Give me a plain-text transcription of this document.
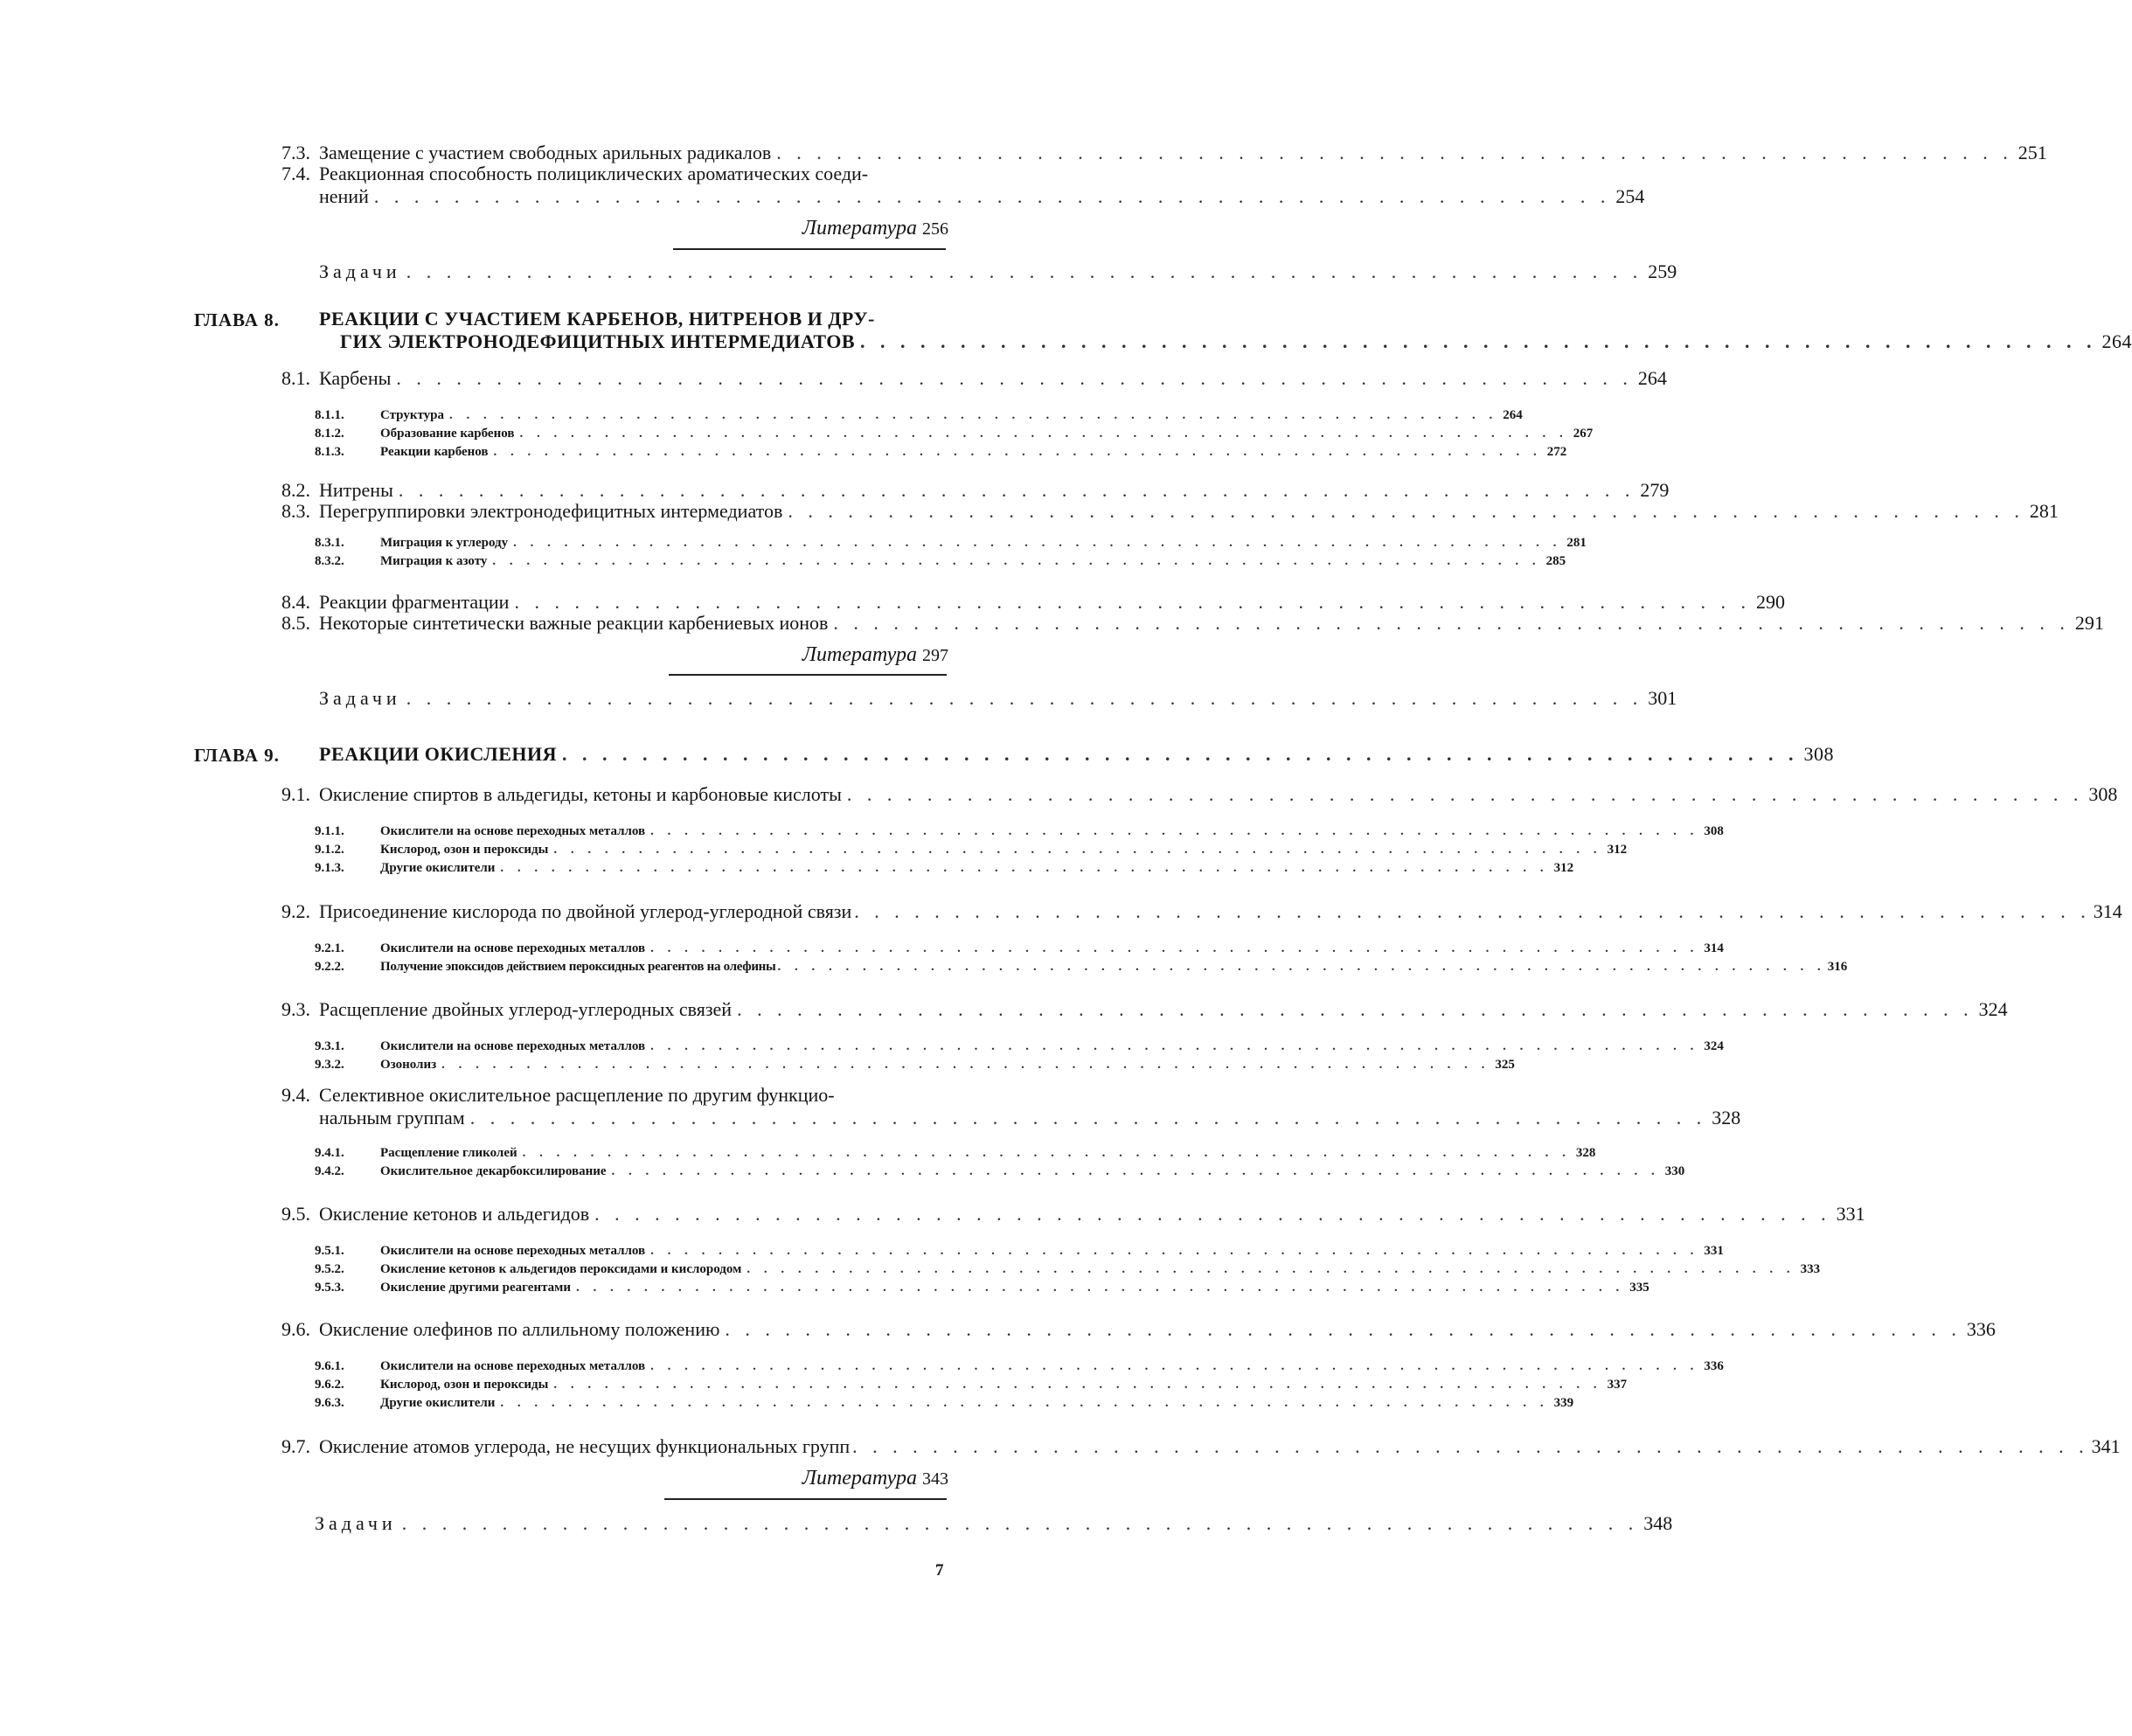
7.3. Замещение с участием свободных арильных радикалов . . . . . . . . . . . . . . . . . . . . . . . . . . . . . . . . . . . . . . . . . . . . . . . . . . . . . . . . . . . . . . 251
7.4. Реакционная способность полициклических ароматических соеди-
нений . . . . . . . . . . . . . . . . . . . . . . . . . . . . . . . . . . . . . . . . . . . . . . . . . . . . . . . . . . . . . . 254
Литература 256
Задачи . . . . . . . . . . . . . . . . . . . . . . . . . . . . . . . . . . . . . . . . . . . . . . . . . . . . . . . . . . . . . . 259
ГЛАВА 8. РЕАКЦИИ С УЧАСТИЕМ КАРБЕНОВ, НИТРЕНОВ И ДРУ-
ГИХ ЭЛЕКТРОНОДЕФИЦИТНЫХ ИНТЕРМЕДИАТОВ . . . . . . . . . . . . . . . . . . . . . . . . . . . . . . . . . . . . . . . . . . . . . . . . . . . . . . . . . . . . . . 264
8.1. Карбены . . . . . . . . . . . . . . . . . . . . . . . . . . . . . . . . . . . . . . . . . . . . . . . . . . . . . . . . . . . . . . 264
8.1.1.	Структура . . . . . . . . . . . . . . . . . . . . . . . . . . . . . . . . . . . . . . . . . . . . . . . . . . . . . . . . . . . . . . 264
8.1.2.	Образование карбенов . . . . . . . . . . . . . . . . . . . . . . . . . . . . . . . . . . . . . . . . . . . . . . . . . . . . . . . . . . . . . . 267
8.1.3.	Реакции карбенов . . . . . . . . . . . . . . . . . . . . . . . . . . . . . . . . . . . . . . . . . . . . . . . . . . . . . . . . . . . . . . 272
8.2. Нитрены . . . . . . . . . . . . . . . . . . . . . . . . . . . . . . . . . . . . . . . . . . . . . . . . . . . . . . . . . . . . . . 279
8.3. Перегруппировки электронодефицитных интермедиатов . . . . . . . . . . . . . . . . . . . . . . . . . . . . . . . . . . . . . . . . . . . . . . . . . . . . . . . . . . . . . . 281
8.3.1.	Миграция к углероду . . . . . . . . . . . . . . . . . . . . . . . . . . . . . . . . . . . . . . . . . . . . . . . . . . . . . . . . . . . . . . 281
8.3.2.	Миграция к азоту . . . . . . . . . . . . . . . . . . . . . . . . . . . . . . . . . . . . . . . . . . . . . . . . . . . . . . . . . . . . . . 285
8.4. Реакции фрагментации . . . . . . . . . . . . . . . . . . . . . . . . . . . . . . . . . . . . . . . . . . . . . . . . . . . . . . . . . . . . . . 290
8.5. Некоторые синтетически важные реакции карбениевых ионов . . . . . . . . . . . . . . . . . . . . . . . . . . . . . . . . . . . . . . . . . . . . . . . . . . . . . . . . . . . . . . 291
Литература 297
Задачи . . . . . . . . . . . . . . . . . . . . . . . . . . . . . . . . . . . . . . . . . . . . . . . . . . . . . . . . . . . . . . 301
ГЛАВА 9. РЕАКЦИИ ОКИСЛЕНИЯ . . . . . . . . . . . . . . . . . . . . . . . . . . . . . . . . . . . . . . . . . . . . . . . . . . . . . . . . . . . . . . 308
9.1. Окисление спиртов в альдегиды, кетоны и карбоновые кислоты . . . . . . . . . . . . . . . . . . . . . . . . . . . . . . . . . . . . . . . . . . . . . . . . . . . . . . . . . . . . . . 308
9.1.1.	Окислители на основе переходных металлов . . . . . . . . . . . . . . . . . . . . . . . . . . . . . . . . . . . . . . . . . . . . . . . . . . . . . . . . . . . . . . 308
9.1.2.	Кислород, озон и пероксиды . . . . . . . . . . . . . . . . . . . . . . . . . . . . . . . . . . . . . . . . . . . . . . . . . . . . . . . . . . . . . . 312
9.1.3.	Другие окислители . . . . . . . . . . . . . . . . . . . . . . . . . . . . . . . . . . . . . . . . . . . . . . . . . . . . . . . . . . . . . . 312
9.2. Присоединение кислорода по двойной углерод-углеродной связи . . . . . . . . . . . . . . . . . . . . . . . . . . . . . . . . . . . . . . . . . . . . . . . . . . . . . . . . . . . . . . 314
9.2.1.	Окислители на основе переходных металлов . . . . . . . . . . . . . . . . . . . . . . . . . . . . . . . . . . . . . . . . . . . . . . . . . . . . . . . . . . . . . . 314
9.2.2.	Получение эпоксидов действием пероксидных реагентов на олефины . . . . . . . . . . . . . . . . . . . . . . . . . . . . . . . . . . . . . . . . . . . . . . . . . . . . . . . . . . . . . . 316
9.3. Расщепление двойных углерод-углеродных связей . . . . . . . . . . . . . . . . . . . . . . . . . . . . . . . . . . . . . . . . . . . . . . . . . . . . . . . . . . . . . . 324
9.3.1.	Окислители на основе переходных металлов . . . . . . . . . . . . . . . . . . . . . . . . . . . . . . . . . . . . . . . . . . . . . . . . . . . . . . . . . . . . . . 324
9.3.2.	Озонолиз . . . . . . . . . . . . . . . . . . . . . . . . . . . . . . . . . . . . . . . . . . . . . . . . . . . . . . . . . . . . . . 325
9.4. Селективное окислительное расщепление по другим функцио-
нальным группам . . . . . . . . . . . . . . . . . . . . . . . . . . . . . . . . . . . . . . . . . . . . . . . . . . . . . . . . . . . . . . 328
9.4.1.	Расщепление гликолей . . . . . . . . . . . . . . . . . . . . . . . . . . . . . . . . . . . . . . . . . . . . . . . . . . . . . . . . . . . . . . 328
9.4.2.	Окислительное декарбоксилирование . . . . . . . . . . . . . . . . . . . . . . . . . . . . . . . . . . . . . . . . . . . . . . . . . . . . . . . . . . . . . . 330
9.5. Окисление кетонов и альдегидов . . . . . . . . . . . . . . . . . . . . . . . . . . . . . . . . . . . . . . . . . . . . . . . . . . . . . . . . . . . . . . 331
9.5.1.	Окислители на основе переходных металлов . . . . . . . . . . . . . . . . . . . . . . . . . . . . . . . . . . . . . . . . . . . . . . . . . . . . . . . . . . . . . . 331
9.5.2.	Окисление кетонов к альдегидов пероксидами и кислородом . . . . . . . . . . . . . . . . . . . . . . . . . . . . . . . . . . . . . . . . . . . . . . . . . . . . . . . . . . . . . . 333
9.5.3.	Окисление другими реагентами . . . . . . . . . . . . . . . . . . . . . . . . . . . . . . . . . . . . . . . . . . . . . . . . . . . . . . . . . . . . . . 335
9.6. Окисление олефинов по аллильному положению . . . . . . . . . . . . . . . . . . . . . . . . . . . . . . . . . . . . . . . . . . . . . . . . . . . . . . . . . . . . . . 336
9.6.1.	Окислители на основе переходных металлов . . . . . . . . . . . . . . . . . . . . . . . . . . . . . . . . . . . . . . . . . . . . . . . . . . . . . . . . . . . . . . 336
9.6.2.	Кислород, озон и пероксиды . . . . . . . . . . . . . . . . . . . . . . . . . . . . . . . . . . . . . . . . . . . . . . . . . . . . . . . . . . . . . . 337
9.6.3.	Другие окислители . . . . . . . . . . . . . . . . . . . . . . . . . . . . . . . . . . . . . . . . . . . . . . . . . . . . . . . . . . . . . . 339
9.7. Окисление атомов углерода, не несущих функциональных групп . . . . . . . . . . . . . . . . . . . . . . . . . . . . . . . . . . . . . . . . . . . . . . . . . . . . . . . . . . . . . . 341
Литература 343
Задачи . . . . . . . . . . . . . . . . . . . . . . . . . . . . . . . . . . . . . . . . . . . . . . . . . . . . . . . . . . . . . . 348
7
